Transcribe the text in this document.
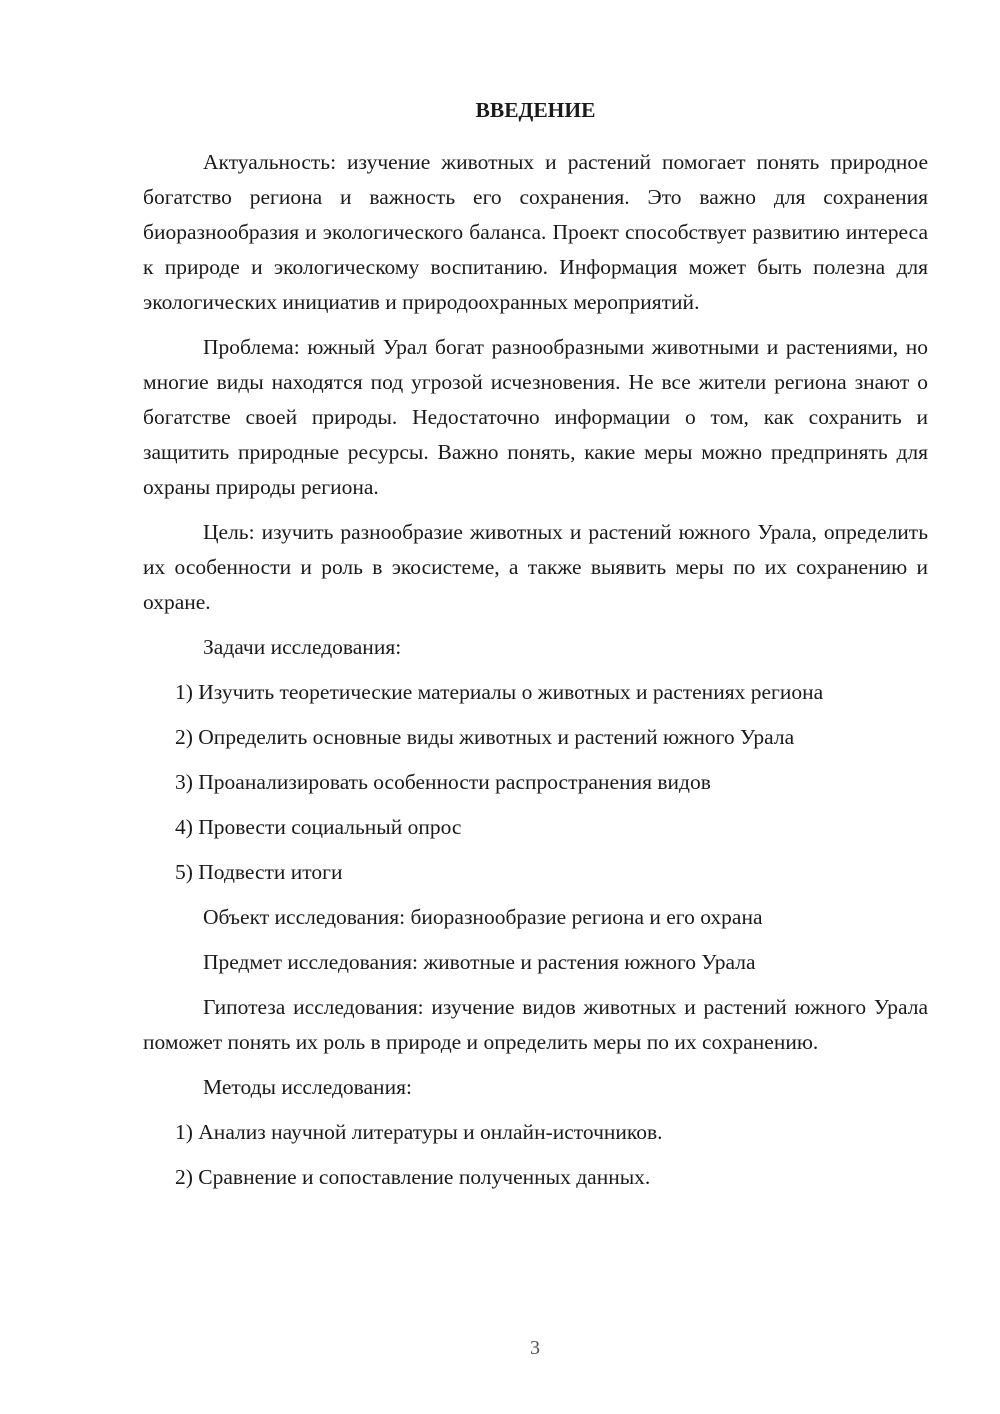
ВВЕДЕНИЕ

Актуальность: изучение животных и растений помогает понять природное богатство региона и важность его сохранения. Это важно для сохранения биоразнообразия и экологического баланса. Проект способствует развитию интереса к природе и экологическому воспитанию. Информация может быть полезна для экологических инициатив и природоохранных мероприятий.

Проблема: южный Урал богат разнообразными животными и растениями, но многие виды находятся под угрозой исчезновения. Не все жители региона знают о богатстве своей природы. Недостаточно информации о том, как сохранить и защитить природные ресурсы. Важно понять, какие меры можно предпринять для охраны природы региона.

Цель: изучить разнообразие животных и растений южного Урала, определить их особенности и роль в экосистеме, а также выявить меры по их сохранению и охране.

Задачи исследования:
1) Изучить теоретические материалы о животных и растениях региона
2) Определить основные виды животных и растений южного Урала
3) Проанализировать особенности распространения видов
4) Провести социальный опрос
5) Подвести итоги
Объект исследования: биоразнообразие региона и его охрана
Предмет исследования: животные и растения южного Урала

Гипотеза исследования: изучение видов животных и растений южного Урала поможет понять их роль в природе и определить меры по их сохранению.

Методы исследования:
1) Анализ научной литературы и онлайн-источников.
2) Сравнение и сопоставление полученных данных.
3
